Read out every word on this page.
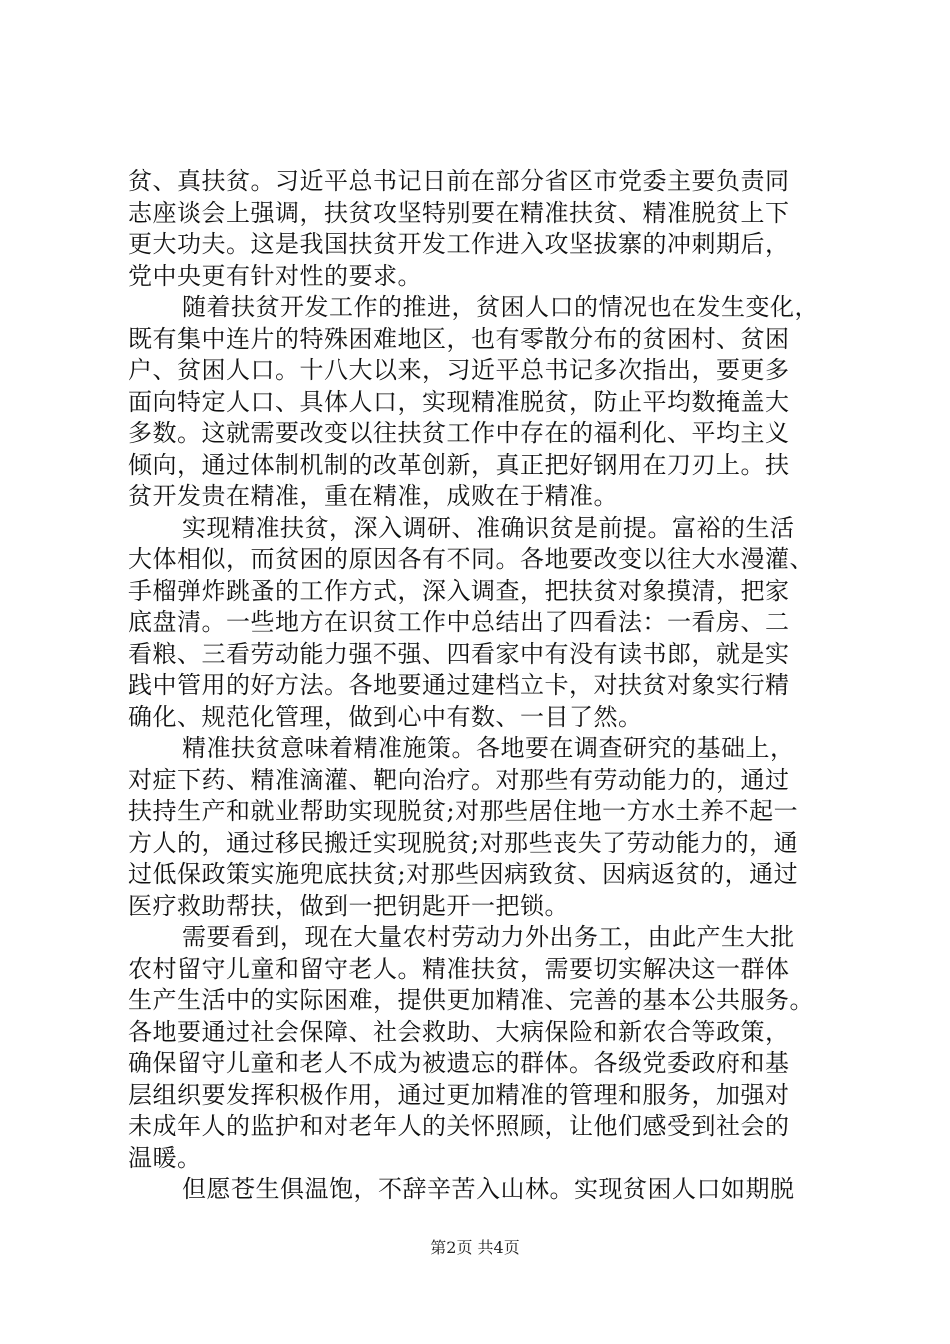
贫、真扶贫。习近平总书记日前在部分省区市党委主要负责同
志座谈会上强调，扶贫攻坚特别要在精准扶贫、精准脱贫上下
更大功夫。这是我国扶贫开发工作进入攻坚拔寨的冲刺期后，
党中央更有针对性的要求。
随着扶贫开发工作的推进，贫困人口的情况也在发生变化，
既有集中连片的特殊困难地区，也有零散分布的贫困村、贫困
户、贫困人口。十八大以来，习近平总书记多次指出，要更多
面向特定人口、具体人口，实现精准脱贫，防止平均数掩盖大
多数。这就需要改变以往扶贫工作中存在的福利化、平均主义
倾向，通过体制机制的改革创新，真正把好钢用在刀刃上。扶
贫开发贵在精准，重在精准，成败在于精准。
实现精准扶贫，深入调研、准确识贫是前提。富裕的生活
大体相似，而贫困的原因各有不同。各地要改变以往大水漫灌、
手榴弹炸跳蚤的工作方式，深入调查，把扶贫对象摸清，把家
底盘清。一些地方在识贫工作中总结出了四看法：一看房、二
看粮、三看劳动能力强不强、四看家中有没有读书郎，就是实
践中管用的好方法。各地要通过建档立卡，对扶贫对象实行精
确化、规范化管理，做到心中有数、一目了然。
精准扶贫意味着精准施策。各地要在调查研究的基础上，
对症下药、精准滴灌、靶向治疗。对那些有劳动能力的，通过
扶持生产和就业帮助实现脱贫;对那些居住地一方水土养不起一
方人的，通过移民搬迁实现脱贫;对那些丧失了劳动能力的，通
过低保政策实施兜底扶贫;对那些因病致贫、因病返贫的，通过
医疗救助帮扶，做到一把钥匙开一把锁。
需要看到，现在大量农村劳动力外出务工，由此产生大批
农村留守儿童和留守老人。精准扶贫，需要切实解决这一群体
生产生活中的实际困难，提供更加精准、完善的基本公共服务。
各地要通过社会保障、社会救助、大病保险和新农合等政策，
确保留守儿童和老人不成为被遗忘的群体。各级党委政府和基
层组织要发挥积极作用，通过更加精准的管理和服务，加强对
未成年人的监护和对老年人的关怀照顾，让他们感受到社会的
温暖。
但愿苍生俱温饱，不辞辛苦入山林。实现贫困人口如期脱
第2页 共4页
